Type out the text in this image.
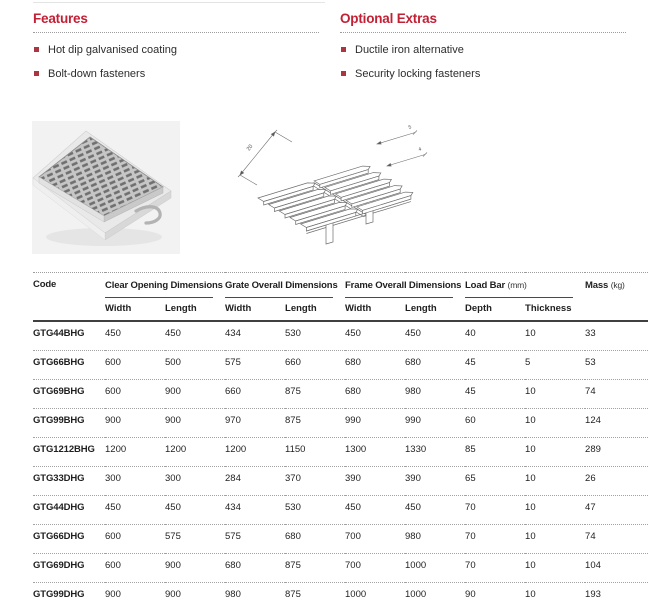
Features
Hot dip galvanised coating
Bolt-down fasteners
Optional Extras
Ductile iron alternative
Security locking fasteners
20
5
4
Code	Clear Opening Dimensions		Grate Overall Dimensions		Frame Overall Dimensions		Load Bar (mm)		Mass (kg)
	Width	Length	Width	Length	Width	Length	Depth	Thickness	
GTG44BHG	450	450	434	530	450	450	40	10	33
GTG66BHG	600	500	575	660	680	680	45	5	53
GTG69BHG	600	900	660	875	680	980	45	10	74
GTG99BHG	900	900	970	875	990	990	60	10	124
GTG1212BHG	1200	1200	1200	1150	1300	1330	85	10	289
GTG33DHG	300	300	284	370	390	390	65	10	26
GTG44DHG	450	450	434	530	450	450	70	10	47
GTG66DHG	600	575	575	680	700	980	70	10	74
GTG69DHG	600	900	680	875	700	1000	70	10	104
GTG99DHG	900	900	980	875	1000	1000	90	10	193
